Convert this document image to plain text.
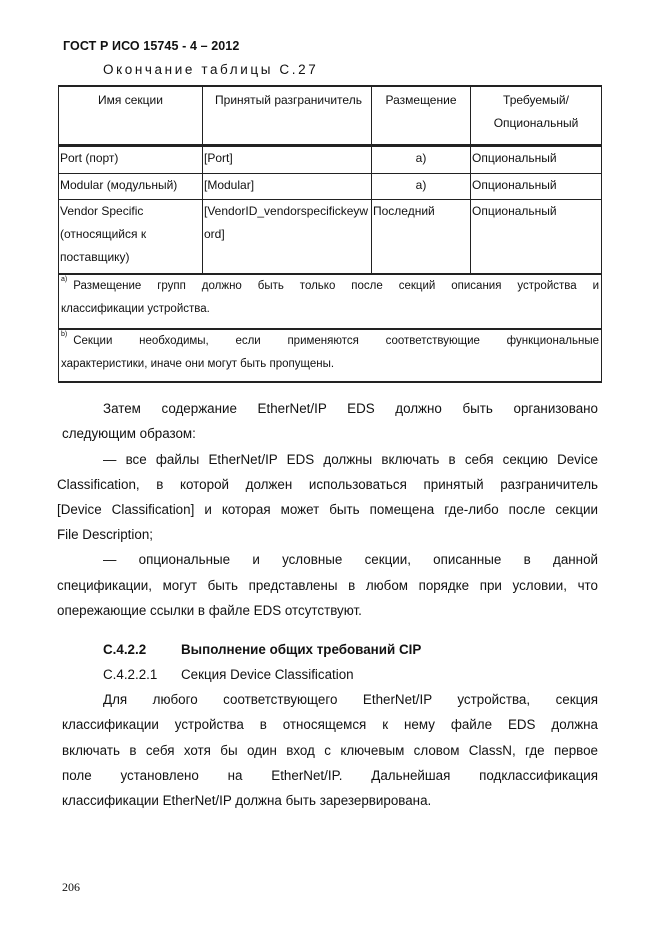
ГОСТ Р ИСО 15745 - 4 – 2012
Окончание таблицы С.27
Имя секции	Принятый разграничитель	Размещение	Требуемый/
Опциональный
Port (порт)	[Port]	a)	Опциональный
Modular (модульный)	[Modular]	a)	Опциональный
Vendor Specific
(относящийся к
поставщику)	[VendorID_vendorspecifickeyword]	Последний	Опциональный

$^{a)}$Размещение групп должно быть только после секций описания устройства и
классификации устройства.			

$^{b)}$Секции необходимы, если применяются соответствующие функциональные
характеристики, иначе они могут быть пропущены.			
Затем содержание EtherNet/IP EDS должно быть организовано
следующим образом:
— все файлы EtherNet/IP EDS должны включать в себя секцию Device
Classification, в которой должен использоваться принятый разграничитель
[Device Classification] и которая может быть помещена где-либо после секции
File Description;
— опциональные и условные секции, описанные в данной
спецификации, могут быть представлены в любом порядке при условии, что
опережающие ссылки в файле EDS отсутствуют.
С.4.2.2	Выполнение общих требований CIP
С.4.2.2.1 Секция Device Classification
Для любого соответствующего EtherNet/IP устройства, секция
классификации устройства в относящемся к нему файле EDS должна
включать в себя хотя бы один вход с ключевым словом ClassN, где первое
поле установлено на EtherNet/IP. Дальнейшая подклассификация
классификации EtherNet/IP должна быть зарезервирована.
206
